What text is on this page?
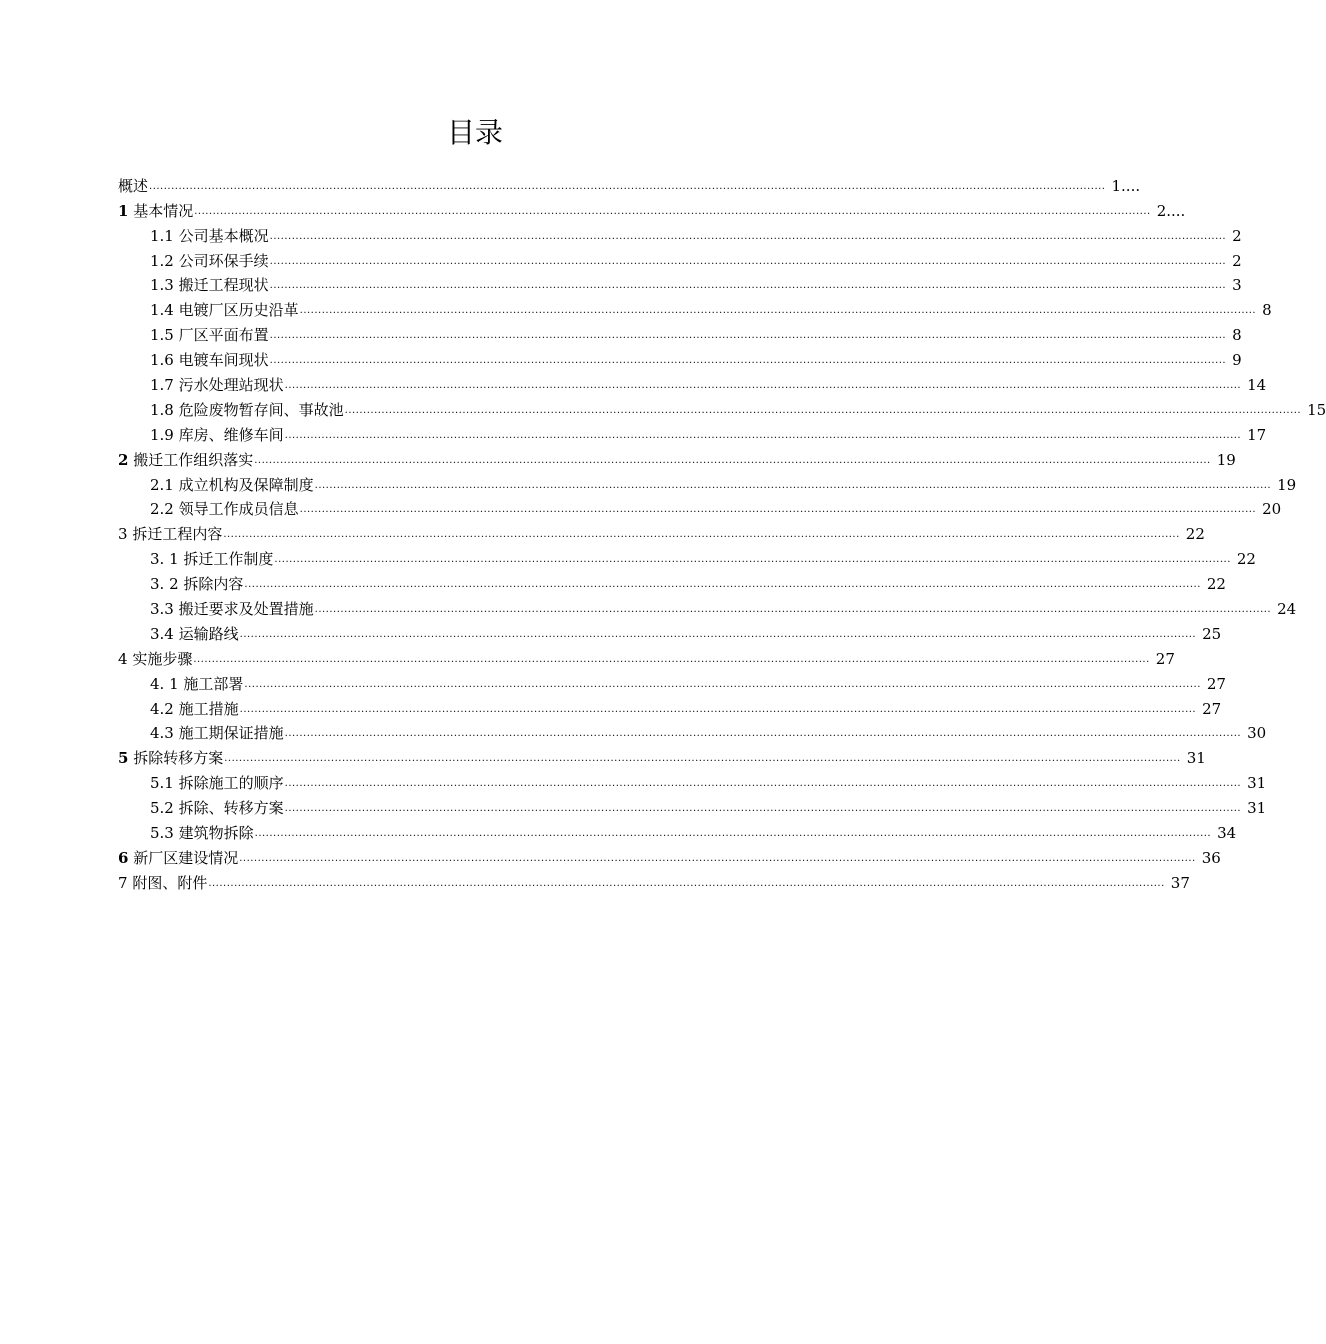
目录
概述 .................................................................................................................................................................................................................................................................... 1....
1 基本情况 .................................................................................................................................................................................................................................................................... 2....
1.1 公司基本概况 .................................................................................................................................................................................................................................................................... 2
1.2 公司环保手续 .................................................................................................................................................................................................................................................................... 2
1.3 搬迁工程现状 .................................................................................................................................................................................................................................................................... 3
1.4 电镀厂区历史沿革 .................................................................................................................................................................................................................................................................... 8
1.5 厂区平面布置 .................................................................................................................................................................................................................................................................... 8
1.6 电镀车间现状 .................................................................................................................................................................................................................................................................... 9
1.7 污水处理站现状 .................................................................................................................................................................................................................................................................... 14
1.8 危险废物暂存间、事故池 .................................................................................................................................................................................................................................................................... 15
1.9 库房、维修车间 .................................................................................................................................................................................................................................................................... 17
2 搬迁工作组织落实 .................................................................................................................................................................................................................................................................... 19
2.1 成立机构及保障制度 .................................................................................................................................................................................................................................................................... 19
2.2 领导工作成员信息 .................................................................................................................................................................................................................................................................... 20
3 拆迁工程内容 .................................................................................................................................................................................................................................................................... 22
3. 1 拆迁工作制度 .................................................................................................................................................................................................................................................................... 22
3. 2 拆除内容 .................................................................................................................................................................................................................................................................... 22
3.3 搬迁要求及处置措施 .................................................................................................................................................................................................................................................................... 24
3.4 运输路线 .................................................................................................................................................................................................................................................................... 25
4 实施步骤 .................................................................................................................................................................................................................................................................... 27
4. 1 施工部署 .................................................................................................................................................................................................................................................................... 27
4.2 施工措施 .................................................................................................................................................................................................................................................................... 27
4.3 施工期保证措施 .................................................................................................................................................................................................................................................................... 30
5 拆除转移方案 .................................................................................................................................................................................................................................................................... 31
5.1 拆除施工的顺序 .................................................................................................................................................................................................................................................................... 31
5.2 拆除、转移方案 .................................................................................................................................................................................................................................................................... 31
5.3 建筑物拆除 .................................................................................................................................................................................................................................................................... 34
6 新厂区建设情况 .................................................................................................................................................................................................................................................................... 36
7 附图、附件 .................................................................................................................................................................................................................................................................... 37
